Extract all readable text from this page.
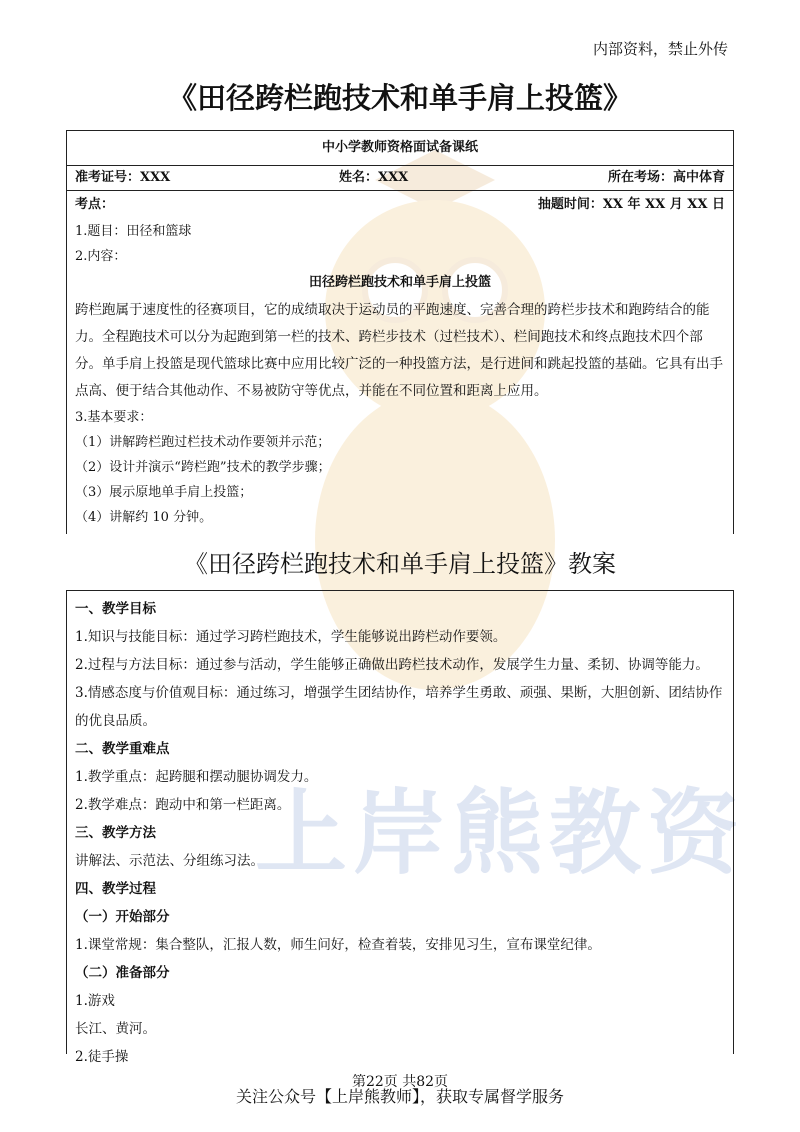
上岸熊教资
内部资料，禁止外传
《田径跨栏跑技术和单手肩上投篮》
中小学教师资格面试备课纸
准考证号：XXX	姓名：XXX	所在考场：高中体育
考点：	抽题时间：XX 年 XX 月 XX 日
1.题目：田径和篮球
2.内容：
田径跨栏跑技术和单手肩上投篮
跨栏跑属于速度性的径赛项目，它的成绩取决于运动员的平跑速度、完善合理的跨栏步技术和跑跨结合的能力。全程跑技术可以分为起跑到第一栏的技术、跨栏步技术（过栏技术）、栏间跑技术和终点跑技术四个部分。单手肩上投篮是现代篮球比赛中应用比较广泛的一种投篮方法，是行进间和跳起投篮的基础。它具有出手点高、便于结合其他动作、不易被防守等优点，并能在不同位置和距离上应用。
3.基本要求：
（1）讲解跨栏跑过栏技术动作要领并示范；
（2）设计并演示“跨栏跑”技术的教学步骤；
（3）展示原地单手肩上投篮；
（4）讲解约 10 分钟。
《田径跨栏跑技术和单手肩上投篮》教案
一、教学目标
1.知识与技能目标：通过学习跨栏跑技术，学生能够说出跨栏动作要领。
2.过程与方法目标：通过参与活动，学生能够正确做出跨栏技术动作，发展学生力量、柔韧、协调等能力。
3.情感态度与价值观目标：通过练习，增强学生团结协作，培养学生勇敢、顽强、果断，大胆创新、团结协作的优良品质。
二、教学重难点
1.教学重点：起跨腿和摆动腿协调发力。
2.教学难点：跑动中和第一栏距离。
三、教学方法
讲解法、示范法、分组练习法。
四、教学过程
（一）开始部分
1.课堂常规：集合整队，汇报人数，师生问好，检查着装，安排见习生，宣布课堂纪律。
（二）准备部分
1.游戏
长江、黄河。
2.徒手操
第22页 共82页
关注公众号【上岸熊教师】，获取专属督学服务
